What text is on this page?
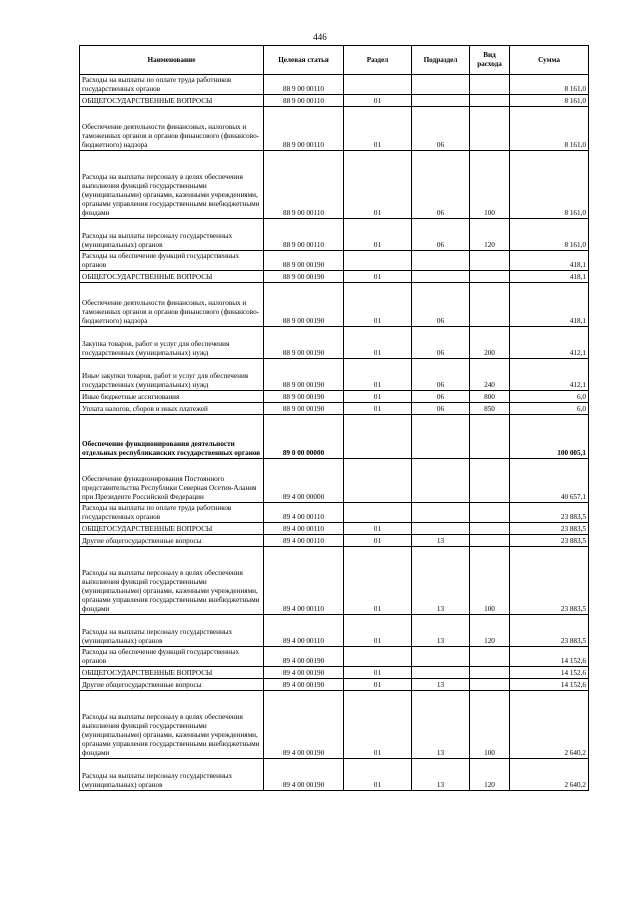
446
Наименование	Целевая статья	Раздел	Подраздел	Вид расхода	Сумма
Расходы на выплаты по оплате труда работников государственных органов	88 9 00 00110				8 161,0
ОБЩЕГОСУДАРСТВЕННЫЕ ВОПРОСЫ	88 9 00 00110	01			8 161,0
Обеспечение деятельности финансовых, налоговых и таможенных органов и органов финансового (финансово-бюджетного) надзора	88 9 00 00110	01	06		8 161,0
Расходы на выплаты персоналу в целях обеспечения выполнения функций государственными (муниципальными) органами, казенными учреждениями, органами управления государственными внебюджетными фондами	88 9 00 00110	01	06	100	8 161,0
Расходы на выплаты персоналу государственных (муниципальных) органов	88 9 00 00110	01	06	120	8 161,0
Расходы на обеспечение функций государственных органов	88 9 00 00190				418,1
ОБЩЕГОСУДАРСТВЕННЫЕ ВОПРОСЫ	88 9 00 00190	01			418,1
Обеспечение деятельности финансовых, налоговых и таможенных органов и органов финансового (финансово-бюджетного) надзора	88 9 00 00190	01	06		418,1
Закупка товаров, работ и услуг для обеспечения государственных (муниципальных) нужд	88 9 00 00190	01	06	200	412,1
Иные закупки товаров, работ и услуг для обеспечения государственных (муниципальных) нужд	88 9 00 00190	01	06	240	412,1
Иные бюджетные ассигнования	88 9 00 00190	01	06	800	6,0
Уплата налогов, сборов и иных платежей	88 9 00 00190	01	06	850	6,0
Обеспечение функционирования деятельности отдельных республиканских государственных органов	89 0 00 00000				100 005,1
Обеспечение функционирования Постоянного представительства Республики Северная Осетия-Алания при Президенте Российской Федерации	89 4 00 00000				40 657,1
Расходы на выплаты по оплате труда работников государственных органов	89 4 00 00110				23 883,5
ОБЩЕГОСУДАРСТВЕННЫЕ ВОПРОСЫ	89 4 00 00110	01			23 883,5
Другие общегосударственные вопросы	89 4 00 00110	01	13		23 883,5
Расходы на выплаты персоналу в целях обеспечения выполнения функций государственными (муниципальными) органами, казенными учреждениями, органами управления государственными внебюджетными фондами	89 4 00 00110	01	13	100	23 883,5
Расходы на выплаты персоналу государственных (муниципальных) органов	89 4 00 00110	01	13	120	23 883,5
Расходы на обеспечение функций государственных органов	89 4 00 00190				14 152,6
ОБЩЕГОСУДАРСТВЕННЫЕ ВОПРОСЫ	89 4 00 00190	01			14 152,6
Другие общегосударственные вопросы	89 4 00 00190	01	13		14 152,6
Расходы на выплаты персоналу в целях обеспечения выполнения функций государственными (муниципальными) органами, казенными учреждениями, органами управления государственными внебюджетными фондами	89 4 00 00190	01	13	100	2 640,2
Расходы на выплаты персоналу государственных (муниципальных) органов	89 4 00 00190	01	13	120	2 640,2
